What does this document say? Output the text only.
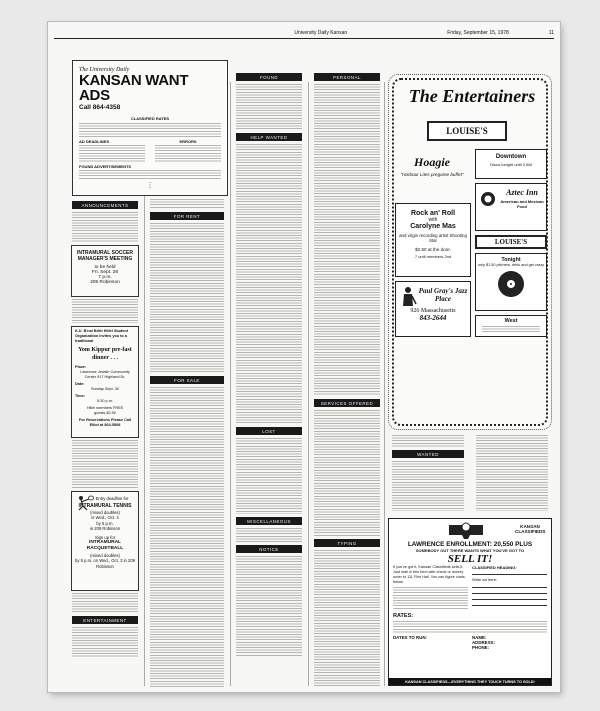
University Daily Kansan	Friday, September 15, 1978	11
The University Daily
KANSAN WANT ADS
Call 864-4358
CLASSIFIED RATES
AD DEADLINES	ERRORS
FOUND ADVERTISEMENTS
ANNOUNCEMENTS
INTRAMURAL SOCCER MANAGER'S MEETING
to be held
Fri. Sept. 28
7 p.m.
205 Robinson
K.U. B'nai Brith Hillel Student Organization invites you to a traditional
Yom Kippur pre-fast dinner . . .
Place:
Lawrence Jewish Community Center 917 Highland Dr.
Date:
Sunday Sept. 30
Time:
5:30 p.m.
Hillel members FREE
guests $2.50
For Reservations Please Call Elliot at 864-5568
Entry deadline for
INTRAMURAL TENNIS
(mixed doubles)
is Wed., Oct. 3
by 5 p.m.
in 209 Robinson
Sign up for
INTRAMURAL RACQUETBALL
(mixed doubles)
by 5 p.m. on Wed., Oct. 3 in 209 Robinson
ENTERTAINMENT
FOR RENT
FOR SALE
FOUND
HELP WANTED
LOST
MISCELLANEOUS
NOTICE
PERSONAL
SERVICES OFFERED
TYPING
The Entertainers
LOUISE'S
Hoagie
"Harbour Lites pregame buffet"
Downtown
Disco tonight until 2 AM
Aztec Inn
American and Mexican Food
Rock an' Roll
with
Carolyne Mas
and virgin recording artist Shooting Star
$2.50 at the door.
7 until members 2nd
LOUISE'S
Tonight
only $1.50 pitchers, drink and get crazy
Paul Gray's Jazz Place
926 Massachusetts
843-2644	West
WANTED
KANSAN CLASSIFIEDS
LAWRENCE ENROLLMENT: 20,550 PLUS
SOMEBODY OUT THERE WANTS WHAT YOU'VE GOT TO
SELL IT!
If you've got it, Kansan Classifieds sells it. Just mail in this form with check or money order to 111 Flint Hall. You can figure costs below.
CLASSIFIED HEADING:
Write ad here:
RATES:
DATES TO RUN:	NAME:
ADDRESS:
PHONE:
KANSAN CLASSIFIEDS—EVERYTHING THEY TOUCH TURNS TO SOLD!
